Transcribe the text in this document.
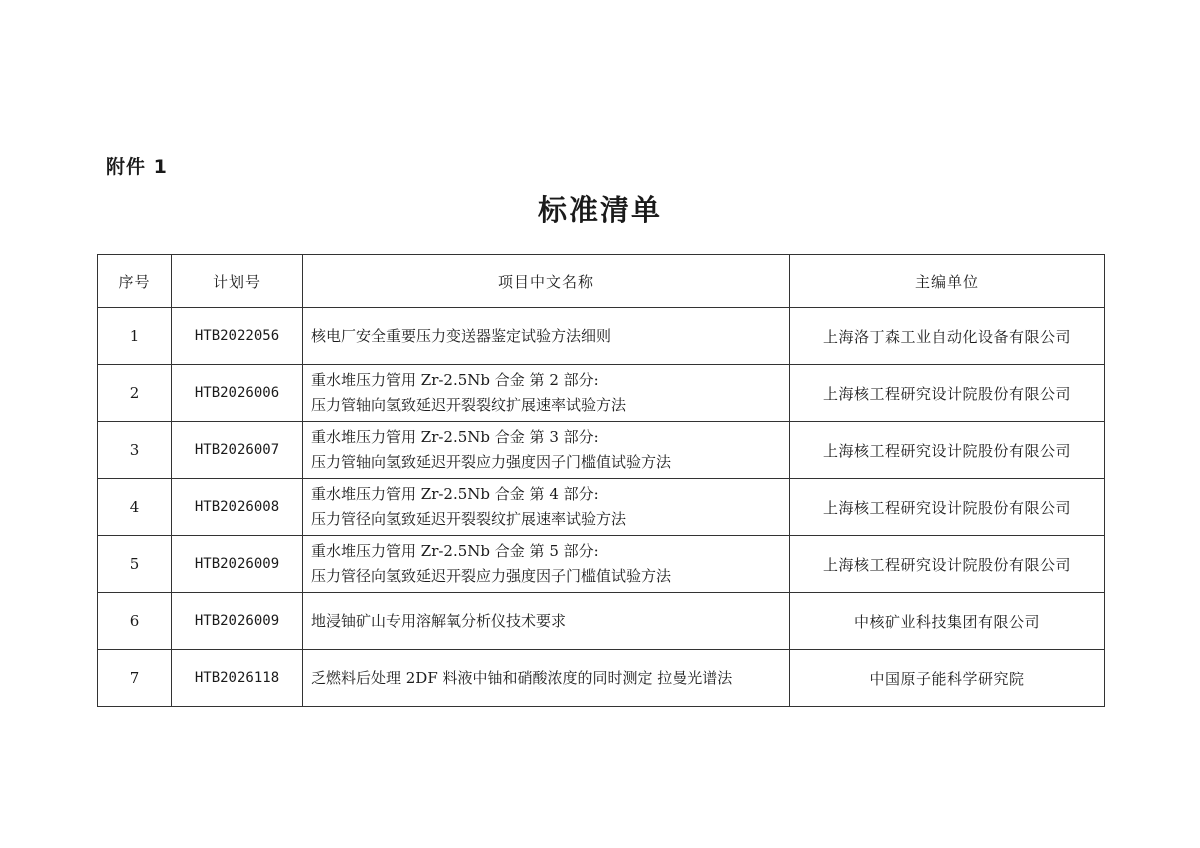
附件 1
标准清单
序号	计划号	项目中文名称	主编单位
1	HTB2022056	核电厂安全重要压力变送器鉴定试验方法细则	上海洛丁森工业自动化设备有限公司
2	HTB2026006	重水堆压力管用 Zr-2.5Nb 合金 第 2 部分:
压力管轴向氢致延迟开裂裂纹扩展速率试验方法	上海核工程研究设计院股份有限公司
3	HTB2026007	重水堆压力管用 Zr-2.5Nb 合金 第 3 部分:
压力管轴向氢致延迟开裂应力强度因子门槛值试验方法	上海核工程研究设计院股份有限公司
4	HTB2026008	重水堆压力管用 Zr-2.5Nb 合金 第 4 部分:
压力管径向氢致延迟开裂裂纹扩展速率试验方法	上海核工程研究设计院股份有限公司
5	HTB2026009	重水堆压力管用 Zr-2.5Nb 合金 第 5 部分:
压力管径向氢致延迟开裂应力强度因子门槛值试验方法	上海核工程研究设计院股份有限公司
6	HTB2026009	地浸铀矿山专用溶解氧分析仪技术要求	中核矿业科技集团有限公司
7	HTB2026118	乏燃料后处理 2DF 料液中铀和硝酸浓度的同时测定 拉曼光谱法	中国原子能科学研究院
